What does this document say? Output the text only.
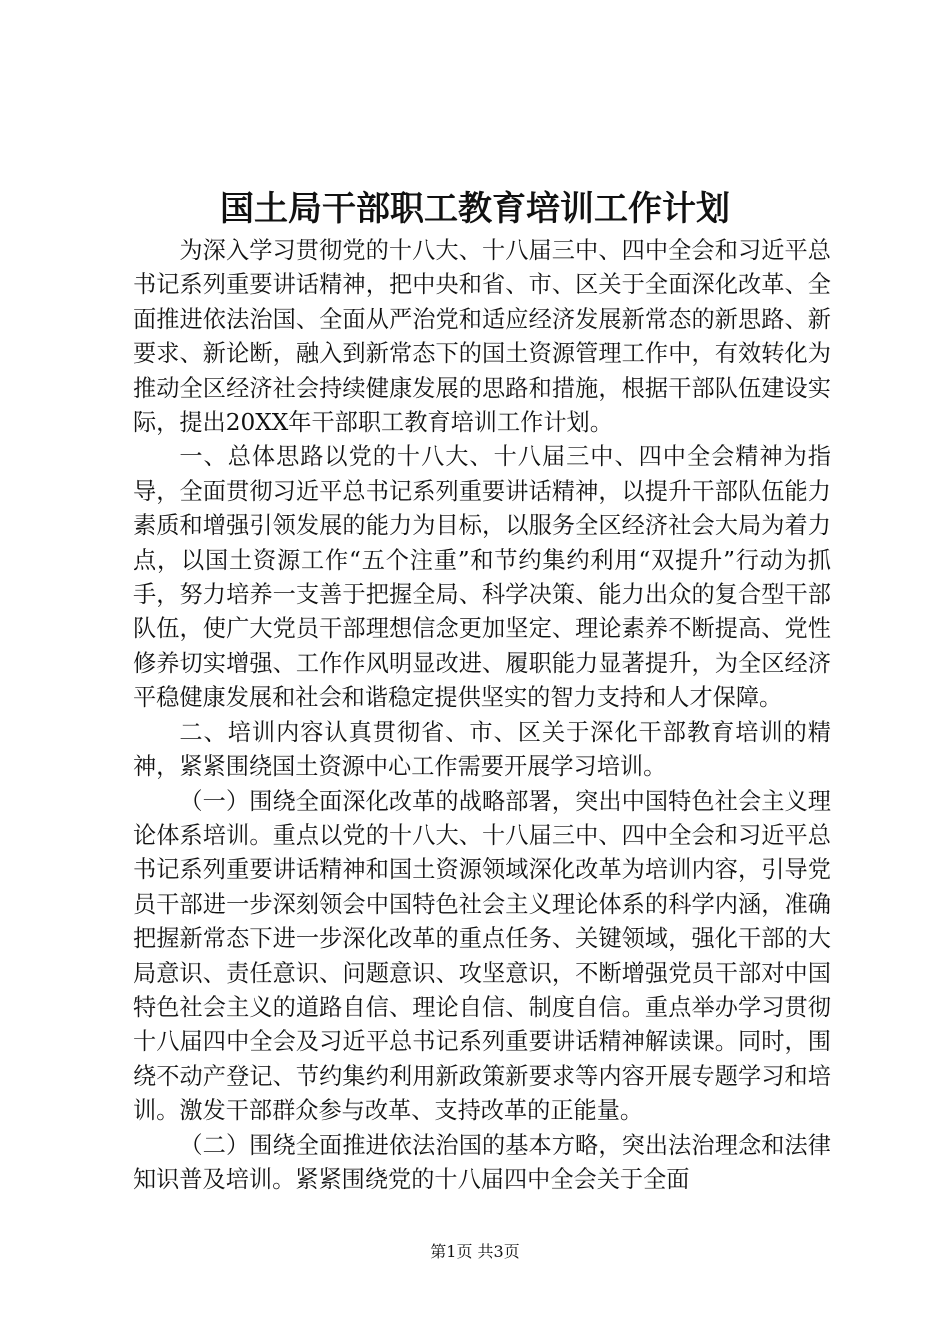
国土局干部职工教育培训工作计划

为深入学习贯彻党的十八大、十八届三中、四中全会和习近平总书记系列重要讲话精神，把中央和省、市、区关于全面深化改革、全面推进依法治国、全面从严治党和适应经济发展新常态的新思路、新要求、新论断，融入到新常态下的国土资源管理工作中，有效转化为推动全区经济社会持续健康发展的思路和措施，根据干部队伍建设实际，提出20XX年干部职工教育培训工作计划。

一、总体思路以党的十八大、十八届三中、四中全会精神为指导，全面贯彻习近平总书记系列重要讲话精神，以提升干部队伍能力素质和增强引领发展的能力为目标，以服务全区经济社会大局为着力点，以国土资源工作“五个注重”和节约集约利用“双提升”行动为抓手，努力培养一支善于把握全局、科学决策、能力出众的复合型干部队伍，使广大党员干部理想信念更加坚定、理论素养不断提高、党性修养切实增强、工作作风明显改进、履职能力显著提升，为全区经济平稳健康发展和社会和谐稳定提供坚实的智力支持和人才保障。

二、培训内容认真贯彻省、市、区关于深化干部教育培训的精神，紧紧围绕国土资源中心工作需要开展学习培训。

（一）围绕全面深化改革的战略部署，突出中国特色社会主义理论体系培训。重点以党的十八大、十八届三中、四中全会和习近平总书记系列重要讲话精神和国土资源领域深化改革为培训内容，引导党员干部进一步深刻领会中国特色社会主义理论体系的科学内涵，准确把握新常态下进一步深化改革的重点任务、关键领域，强化干部的大局意识、责任意识、问题意识、攻坚意识，不断增强党员干部对中国特色社会主义的道路自信、理论自信、制度自信。重点举办学习贯彻十八届四中全会及习近平总书记系列重要讲话精神解读课。同时，围绕不动产登记、节约集约利用新政策新要求等内容开展专题学习和培训。激发干部群众参与改革、支持改革的正能量。

（二）围绕全面推进依法治国的基本方略，突出法治理念和法律知识普及培训。紧紧围绕党的十八届四中全会关于全面

第1页 共3页
